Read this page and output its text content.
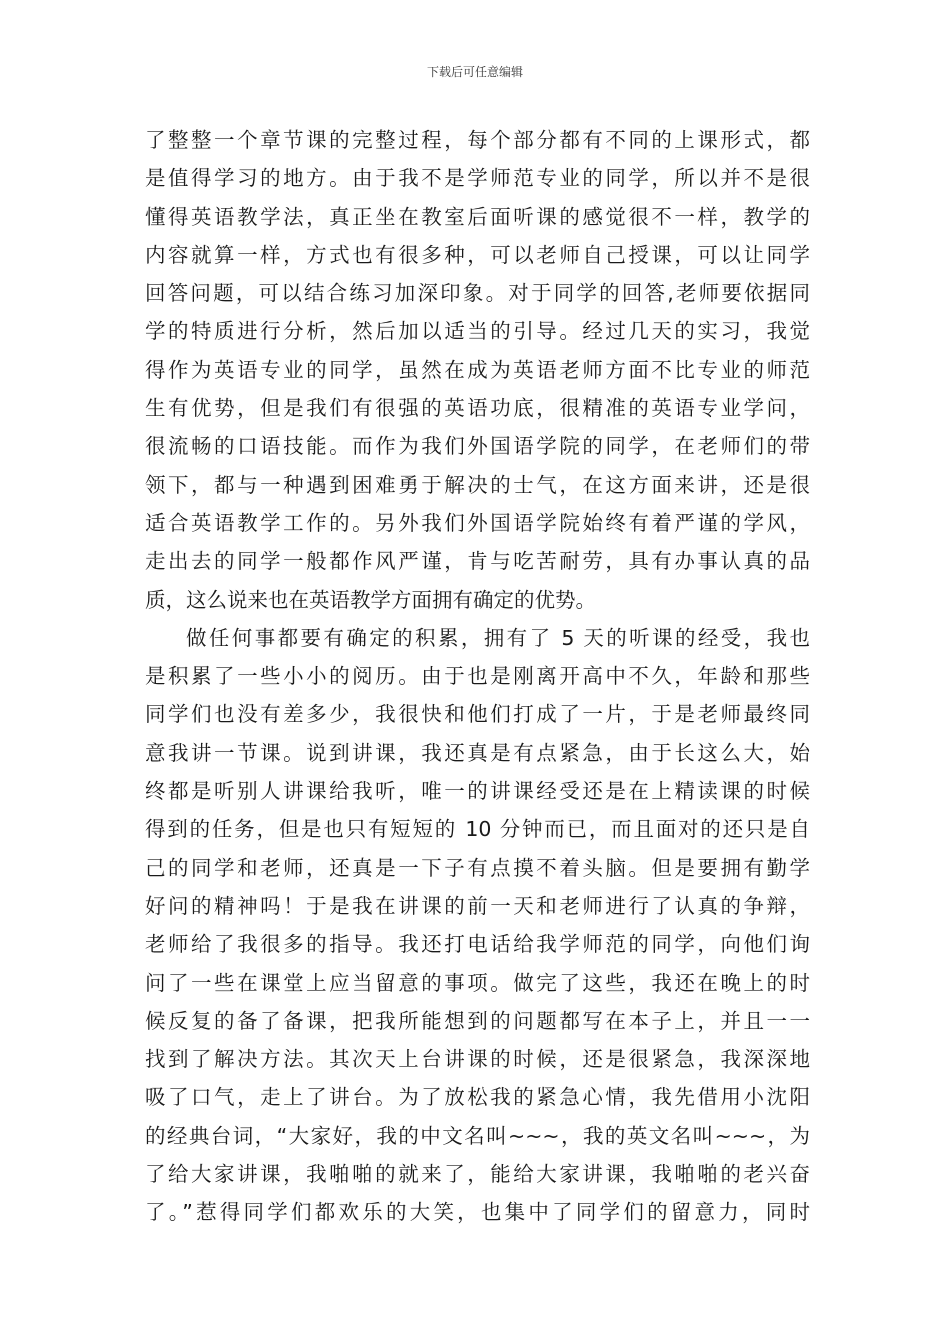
下载后可任意编辑
了整整一个章节课的完整过程，每个部分都有不同的上课形式，都
是值得学习的地方。由于我不是学师范专业的同学，所以并不是很
懂得英语教学法，真正坐在教室后面听课的感觉很不一样，教学的
内容就算一样，方式也有很多种，可以老师自己授课，可以让同学
回答问题，可以结合练习加深印象。对于同学的回答,老师要依据同
学的特质进行分析，然后加以适当的引导。经过几天的实习，我觉
得作为英语专业的同学，虽然在成为英语老师方面不比专业的师范
生有优势，但是我们有很强的英语功底，很精准的英语专业学问，
很流畅的口语技能。而作为我们外国语学院的同学，在老师们的带
领下，都与一种遇到困难勇于解决的士气，在这方面来讲，还是很
适合英语教学工作的。另外我们外国语学院始终有着严谨的学风，
走出去的同学一般都作风严谨，肯与吃苦耐劳，具有办事认真的品
质，这么说来也在英语教学方面拥有确定的优势。
做任何事都要有确定的积累，拥有了 5 天的听课的经受，我也
是积累了一些小小的阅历。由于也是刚离开高中不久，年龄和那些
同学们也没有差多少，我很快和他们打成了一片，于是老师最终同
意我讲一节课。说到讲课，我还真是有点紧急，由于长这么大，始
终都是听别人讲课给我听，唯一的讲课经受还是在上精读课的时候
得到的任务，但是也只有短短的 10 分钟而已，而且面对的还只是自
己的同学和老师，还真是一下子有点摸不着头脑。但是要拥有勤学
好问的精神吗！于是我在讲课的前一天和老师进行了认真的争辩，
老师给了我很多的指导。我还打电话给我学师范的同学，向他们询
问了一些在课堂上应当留意的事项。做完了这些，我还在晚上的时
候反复的备了备课，把我所能想到的问题都写在本子上，并且一一
找到了解决方法。其次天上台讲课的时候，还是很紧急，我深深地
吸了口气，走上了讲台。为了放松我的紧急心情，我先借用小沈阳
的经典台词，“大家好，我的中文名叫~~~，我的英文名叫~~~，为
了给大家讲课，我啪啪的就来了，能给大家讲课，我啪啪的老兴奋
了。”惹得同学们都欢乐的大笑，也集中了同学们的留意力，同时
